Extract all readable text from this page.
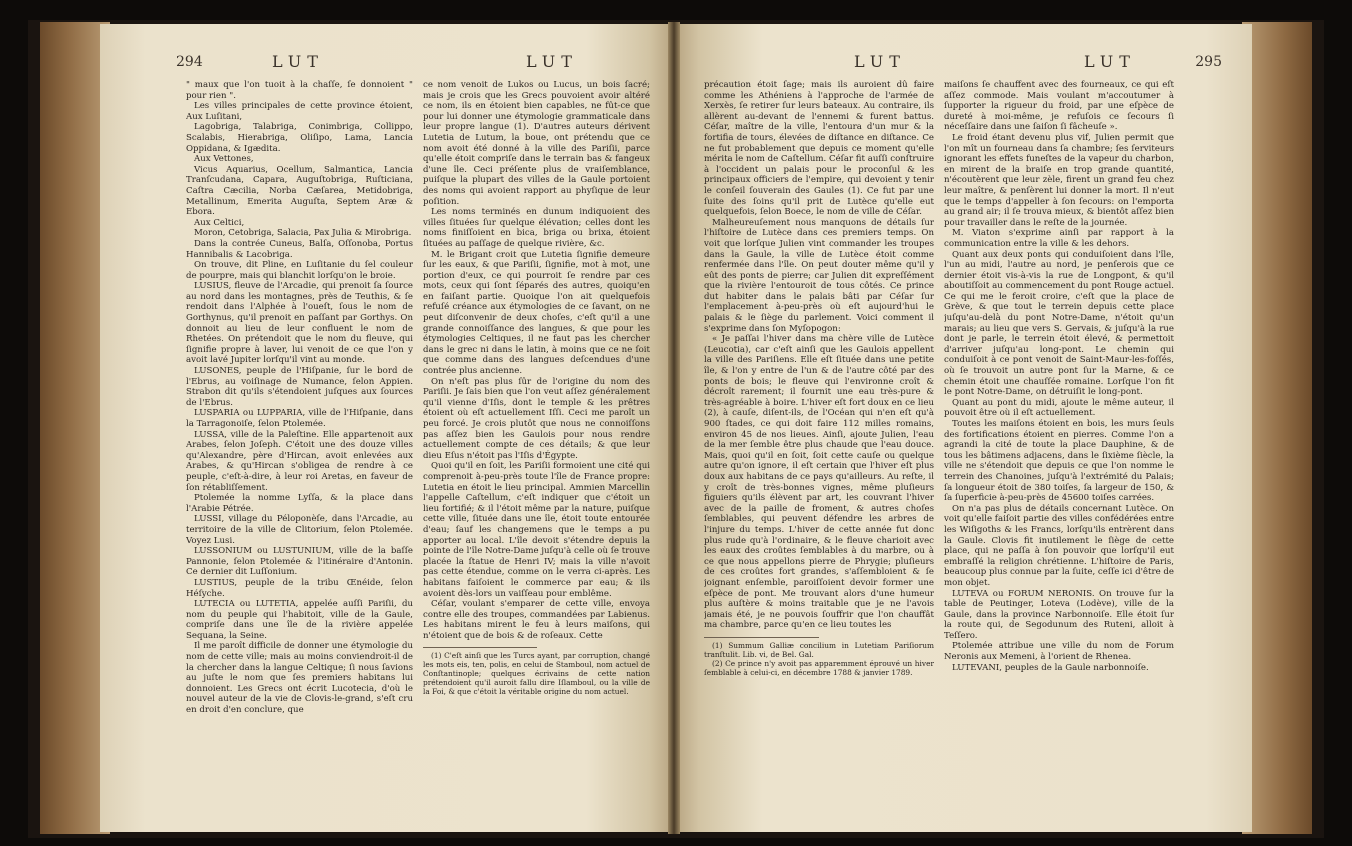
294	LUT	LUT

" maux que l'on tuoit à la chaſſe, ſe donnoient " pour rien ".

Les villes principales de cette province étoient, Aux Luſitani,

Lagobriga, Talabriga, Conimbriga, Collippo, Scalabis, Hierabriga, Oliſipo, Lama, Lancia Oppidana, & Igædita.

Aux Vettones,

Vicus Aquarius, Ocellum, Salmantica, Lancia Tranſcudana, Capara, Auguſtobriga, Ruſticiana, Caſtra Cæcilia, Norba Cæſarea, Metidobriga, Metallinum, Emerita Auguſta, Septem Aræ & Ebora.

Aux Celtici,

Moron, Cetobriga, Salacia, Pax Julia & Mirobriga.

Dans la contrée Cuneus, Balſa, Oſſonoba, Portus Hannibalis & Lacobriga.

On trouve, dit Pline, en Luſitanie du ſel couleur de pourpre, mais qui blanchit lorſqu'on le broie.

LUSIUS, fleuve de l'Arcadie, qui prenoit ſa ſource au nord dans les montagnes, près de Teuthis, & ſe rendoit dans l'Alphée à l'oueſt, ſous le nom de Gorthynus, qu'il prenoit en paſſant par Gorthys. On donnoit au lieu de leur confluent le nom de Rhetées. On prétendoit que le nom du fleuve, qui ſignifie propre à laver, lui venoit de ce que l'on y avoit lavé Jupiter lorſqu'il vint au monde.

LUSONES, peuple de l'Hiſpanie, ſur le bord de l'Ebrus, au voiſinage de Numance, ſelon Appien. Strabon dit qu'ils s'étendoient juſques aux ſources de l'Ebrus.

LUSPARIA ou LUPPARIA, ville de l'Hiſpanie, dans la Tarragonoiſe, ſelon Ptolemée.

LUSSA, ville de la Paleſtine. Elle appartenoit aux Arabes, ſelon Joſeph. C'étoit une des douze villes qu'Alexandre, père d'Hircan, avoit enlevées aux Arabes, & qu'Hircan s'obligea de rendre à ce peuple, c'eſt-à-dire, à leur roi Aretas, en faveur de ſon rétabliſſement.

Ptolemée la nomme Lyſſa, & la place dans l'Arabie Pétrée.

LUSSI, village du Péloponèſe, dans l'Arcadie, au territoire de la ville de Clitorium, ſelon Ptolemée. Voyez Lusi.

LUSSONIUM ou LUSTUNIUM, ville de la baſſe Pannonie, ſelon Ptolemée & l'itinéraire d'Antonin. Ce dernier dit Luſſonium.

LUSTIUS, peuple de la tribu Œnéide, ſelon Héſyche.

LUTECIA ou LUTETIA, appelée auſſi Pariſii, du nom du peuple qui l'habitoit, ville de la Gaule, compriſe dans une île de la rivière appelée Sequana, la Seine.

Il me paroît difficile de donner une étymologie du nom de cette ville; mais au moins conviendroit-il de la chercher dans la langue Celtique; ſi nous ſavions au juſte le nom que ſes premiers habitans lui donnoient. Les Grecs ont écrit Lucotecia, d'où le nouvel auteur de la vie de Clovis-le-grand, s'eſt cru en droit d'en conclure, que

ce nom venoit de Lukos ou Lucus, un bois ſacré; mais je crois que les Grecs pouvoient avoir altéré ce nom, ils en étoient bien capables, ne fût-ce que pour lui donner une étymologie grammaticale dans leur propre langue (1). D'autres auteurs dérivent Lutetia de Lutum, la boue, ont prétendu que ce nom avoit été donné à la ville des Pariſii, parce qu'elle étoit compriſe dans le terrain bas & fangeux d'une île. Ceci préſente plus de vraiſemblance, puiſque la plupart des villes de la Gaule portoient des noms qui avoient rapport au phyſique de leur poſition.

Les noms terminés en dunum indiquoient des villes ſituées ſur quelque élévation; celles dont les noms finiſſoient en bica, briga ou brixa, étoient ſituées au paſſage de quelque rivière, &c.

M. le Brigant croit que Lutetia ſignifie demeure ſur les eaux, & que Pariſii, ſignifie, mot à mot, une portion d'eux, ce qui pourroit ſe rendre par ces mots, ceux qui ſont ſéparés des autres, quoiqu'en en faiſant partie. Quoique l'on ait quelquefois refuſé créance aux étymologies de ce ſavant, on ne peut diſconvenir de deux choſes, c'eſt qu'il a une grande connoiſſance des langues, & que pour les étymologies Celtiques, il ne faut pas les chercher dans le grec ni dans le latin, à moins que ce ne ſoit que comme dans des langues deſcendues d'une contrée plus ancienne.

On n'eſt pas plus ſûr de l'origine du nom des Pariſii. Je ſais bien que l'on veut aſſez généralement qu'il vienne d'Iſis, dont le temple & les prêtres étoient où eſt actuellement Iſſi. Ceci me paroît un peu forcé. Je crois plutôt que nous ne connoiſſons pas aſſez bien les Gaulois pour nous rendre actuellement compte de ces détails; & que leur dieu Eſus n'étoit pas l'Iſis d'Égypte.

Quoi qu'il en ſoit, les Pariſii formoient une cité qui comprenoit à-peu-près toute l'île de France propre: Lutetia en étoit le lieu principal. Ammien Marcellin l'appelle Caſtellum, c'eſt indiquer que c'étoit un lieu fortifié; & il l'étoit même par la nature, puiſque cette ville, ſituée dans une île, étoit toute entourée d'eau; ſauf les changemens que le temps a pu apporter au local. L'île devoit s'étendre depuis la pointe de l'île Notre-Dame juſqu'à celle où ſe trouve placée la ſtatue de Henri IV; mais la ville n'avoit pas cette étendue, comme on le verra ci-après. Les habitans faiſoient le commerce par eau; & ils avoient dès-lors un vaiſſeau pour emblême.

Céſar, voulant s'emparer de cette ville, envoya contre elle des troupes, commandées par Labienus. Les habitans mirent le feu à leurs maiſons, qui n'étoient que de bois & de roſeaux. Cette

(1) C'eſt ainſi que les Turcs ayant, par corruption, changé les mots eis, ten, polis, en celui de Stamboul, nom actuel de Conſtantinople; quelques écrivains de cette nation prétendoient qu'il auroit fallu dire Iſlamboul, ou la ville de la Foi, & que c'étoit la véritable origine du nom actuel.

LUT	LUT	295

précaution étoit ſage; mais ils auroient dû faire comme les Athéniens à l'approche de l'armée de Xerxès, ſe retirer ſur leurs bateaux. Au contraire, ils allèrent au-devant de l'ennemi & furent battus. Céſar, maître de la ville, l'entoura d'un mur & la fortifia de tours, élevées de diſtance en diſtance. Ce ne fut probablement que depuis ce moment qu'elle mérita le nom de Caſtellum. Céſar fit auſſi conſtruire à l'occident un palais pour le proconſul & les principaux officiers de l'empire, qui devoient y tenir le conſeil ſouverain des Gaules (1). Ce fut par une ſuite des ſoins qu'il prit de Lutèce qu'elle eut quelquefois, ſelon Boece, le nom de ville de Céſar.

Malheureuſement nous manquons de détails ſur l'hiſtoire de Lutèce dans ces premiers temps. On voit que lorſque Julien vint commander les troupes dans la Gaule, la ville de Lutèce étoit comme renfermée dans l'île. On peut douter même qu'il y eût des ponts de pierre; car Julien dit expreſſément que la rivière l'entouroit de tous côtés. Ce prince dut habiter dans le palais bâti par Céſar ſur l'emplacement à-peu-près où eſt aujourd'hui le palais & le ſiège du parlement. Voici comment il s'exprime dans ſon Myſopogon:

« Je paſſai l'hiver dans ma chère ville de Lutèce (Leucotia), car c'eſt ainſi que les Gaulois appellent la ville des Pariſiens. Elle eſt ſituée dans une petite île, & l'on y entre de l'un & de l'autre côté par des ponts de bois; le fleuve qui l'environne croît & décroît rarement; il fournit une eau très-pure & très-agréable à boire. L'hiver eſt fort doux en ce lieu (2), à cauſe, diſent-ils, de l'Océan qui n'en eſt qu'à 900 ſtades, ce qui doit faire 112 milles romains, environ 45 de nos lieues. Ainſi, ajoute Julien, l'eau de la mer ſemble être plus chaude que l'eau douce. Mais, quoi qu'il en ſoit, ſoit cette cauſe ou quelque autre qu'on ignore, il eſt certain que l'hiver eſt plus doux aux habitans de ce pays qu'ailleurs. Au reſte, il y croît de très-bonnes vignes, même pluſieurs figuiers qu'ils élèvent par art, les couvrant l'hiver avec de la paille de froment, & autres choſes ſemblables, qui peuvent défendre les arbres de l'injure du temps. L'hiver de cette année fut donc plus rude qu'à l'ordinaire, & le fleuve charioit avec les eaux des croûtes ſemblables à du marbre, ou à ce que nous appellons pierre de Phrygie; pluſieurs de ces croûtes fort grandes, s'aſſembloient & ſe joignant enſemble, paroiſſoient devoir former une eſpèce de pont. Me trouvant alors d'une humeur plus auſtère & moins traitable que je ne l'avois jamais été, je ne pouvois ſouffrir que l'on chauffât ma chambre, parce qu'en ce lieu toutes les

(1) Summum Galliæ concilium in Lutetiam Pariſiorum tranſtulit. Lib. vi, de Bel. Gal.

(2) Ce prince n'y avoit pas apparemment éprouvé un hiver ſemblable à celui-ci, en décembre 1788 & janvier 1789.

maiſons ſe chauffent avec des fourneaux, ce qui eſt aſſez commode. Mais voulant m'accoutumer à ſupporter la rigueur du froid, par une eſpèce de dureté à moi-même, je refuſois ce ſecours ſi néceſſaire dans une ſaiſon ſi fâcheuſe ».

Le froid étant devenu plus vif, Julien permit que l'on mît un fourneau dans ſa chambre; ſes ſerviteurs ignorant les effets funeſtes de la vapeur du charbon, en mirent de la braiſe en trop grande quantité, n'écoutèrent que leur zèle, firent un grand feu chez leur maître, & penſèrent lui donner la mort. Il n'eut que le temps d'appeller à ſon ſecours: on l'emporta au grand air; il ſe trouva mieux, & bientôt aſſez bien pour travailler dans le reſte de la journée.

M. Viaton s'exprime ainſi par rapport à la communication entre la ville & les dehors.

Quant aux deux ponts qui conduiſoient dans l'île, l'un au midi, l'autre au nord, je penſerois que ce dernier étoit vis-à-vis la rue de Longpont, & qu'il aboutiſſoit au commencement du pont Rouge actuel. Ce qui me le feroit croire, c'eſt que la place de Grève, & que tout le terrein depuis cette place juſqu'au-delà du pont Notre-Dame, n'étoit qu'un marais; au lieu que vers S. Gervais, & juſqu'à la rue dont je parle, le terrein étoit élevé, & permettoit d'arriver juſqu'au long-pont. Le chemin qui conduiſoit à ce pont venoit de Saint-Maur-les-foſſés, où ſe trouvoit un autre pont ſur la Marne, & ce chemin étoit une chauſſée romaine. Lorſque l'on fit le pont Notre-Dame, on détruiſit le long-pont.

Quant au pont du midi, ajoute le même auteur, il pouvoit être où il eſt actuellement.

Toutes les maiſons étoient en bois, les murs ſeuls des fortifications étoient en pierres. Comme l'on a agrandi la cité de toute la place Dauphine, & de tous les bâtimens adjacens, dans le ſixième ſiècle, la ville ne s'étendoit que depuis ce que l'on nomme le terrein des Chanoines, juſqu'à l'extrémité du Palais; ſa longueur étoit de 380 toiſes, ſa largeur de 150, & ſa ſuperficie à-peu-près de 45600 toiſes carrées.

On n'a pas plus de détails concernant Lutèce. On voit qu'elle faiſoit partie des villes confédérées entre les Wiſigoths & les Francs, lorſqu'ils entrèrent dans la Gaule. Clovis fit inutilement le ſiège de cette place, qui ne paſſa à ſon pouvoir que lorſqu'il eut embraſſé la religion chrétienne. L'hiſtoire de Paris, beaucoup plus connue par la ſuite, ceſſe ici d'être de mon objet.

LUTEVA ou FORUM NERONIS. On trouve ſur la table de Peutinger, Loteva (Lodève), ville de la Gaule, dans la province Narbonnoiſe. Elle étoit ſur la route qui, de Segodunum des Ruteni, alloit à Teſſero.

Ptolemée attribue une ville du nom de Forum Neronis aux Memeni, à l'orient de Rhenea.

LUTEVANI, peuples de la Gaule narbonnoiſe.
